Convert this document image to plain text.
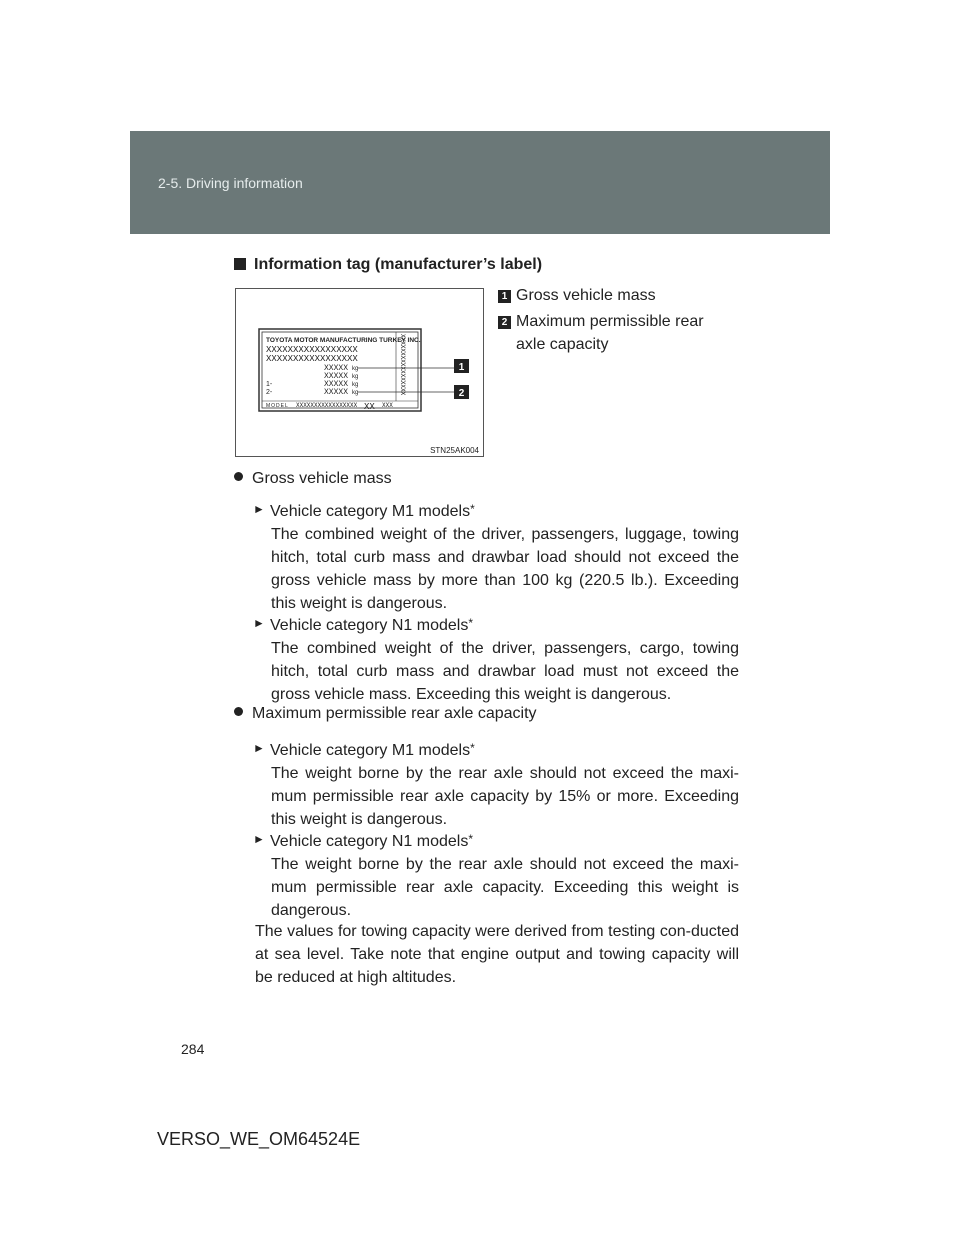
2-5. Driving information
Information tag (manufacturer’s label)
TOYOTA MOTOR MANUFACTURING TURKEY INC.
XXXXXXXXXXXXXXXXX
XXXXXXXXXXXXXXXXX
XXXXX kg
XXXXX kg
1-	XXXXX kg
2-	XXXXX kg
MODEL XXXXXXXXXXXXXXXXX XX XXX
XXXXXXXXXXXXXXXXX	1
2
STN25AK004
1 Gross vehicle mass
2 Maximum permissible rear
axle capacity
Gross vehicle mass
► Vehicle category M1 models*
The combined weight of the driver, passengers, luggage, towing hitch, total curb mass and drawbar load should not exceed the gross vehicle mass by more than 100 kg (220.5 lb.). Exceeding this weight is dangerous.
► Vehicle category N1 models*
The combined weight of the driver, passengers, cargo, towing hitch, total curb mass and drawbar load must not exceed the gross vehicle mass. Exceeding this weight is dangerous.
Maximum permissible rear axle capacity
► Vehicle category M1 models*
The weight borne by the rear axle should not exceed the maxi-mum permissible rear axle capacity by 15% or more. Exceeding this weight is dangerous.
► Vehicle category N1 models*
The weight borne by the rear axle should not exceed the maxi-mum permissible rear axle capacity. Exceeding this weight is dangerous.
The values for towing capacity were derived from testing con-ducted at sea level. Take note that engine output and towing capacity will be reduced at high altitudes.
284
VERSO_WE_OM64524E
